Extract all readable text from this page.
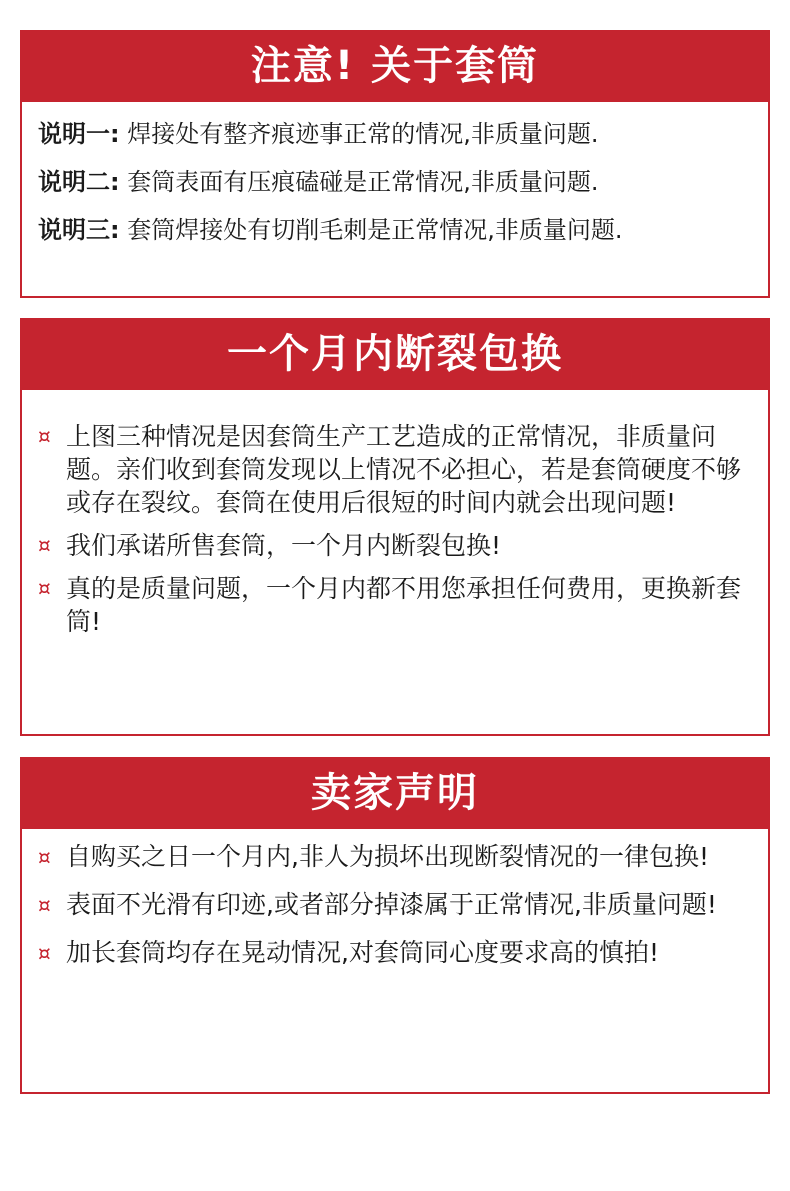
注意! 关于套筒
说明一: 焊接处有整齐痕迹事正常的情况,非质量问题.
说明二: 套筒表面有压痕磕碰是正常情况,非质量问题.
说明三: 套筒焊接处有切削毛刺是正常情况,非质量问题.
一个月内断裂包换
¤ 上图三种情况是因套筒生产工艺造成的正常情况，非质量问题。亲们收到套筒发现以上情况不必担心，若是套筒硬度不够或存在裂纹。套筒在使用后很短的时间内就会出现问题!
¤ 我们承诺所售套筒，一个月内断裂包换!
¤ 真的是质量问题，一个月内都不用您承担任何费用，更换新套筒!
卖家声明
¤ 自购买之日一个月内,非人为损坏出现断裂情况的一律包换!
¤ 表面不光滑有印迹,或者部分掉漆属于正常情况,非质量问题!
¤ 加长套筒均存在晃动情况,对套筒同心度要求高的慎拍!
